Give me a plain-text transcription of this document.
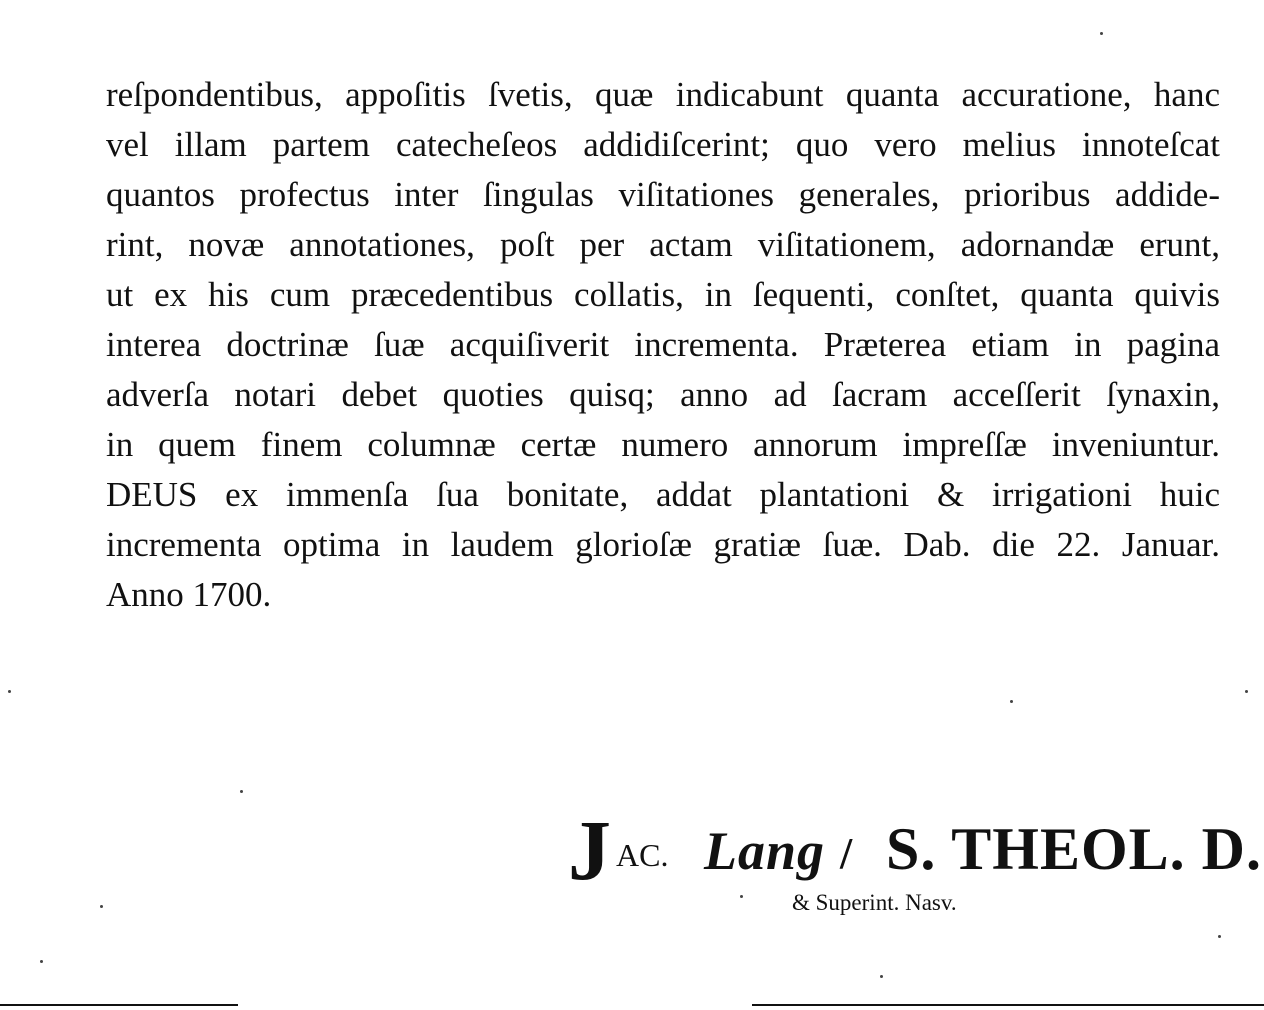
reſpondentibus, appoſitis ſvetis, quæ indicabunt quanta accuratione, hanc
vel illam partem catecheſeos addidiſcerint; quo vero melius innoteſcat
quantos profectus inter ſingulas viſitationes generales, prioribus addide-
rint, novæ annotationes, poſt per actam viſitationem, adornandæ erunt,
ut ex his cum præcedentibus collatis, in ſequenti, conſtet, quanta quivis
interea doctrinæ ſuæ acquiſiverit incrementa. Præterea etiam in pagina
adverſa notari debet quoties quisq; anno ad ſacram acceſſerit ſynaxin,
in quem finem columnæ certæ numero annorum impreſſæ inveniuntur.
DEUS ex immenſa ſua bonitate, addat plantationi & irrigationi huic
incrementa optima in laudem glorioſæ gratiæ ſuæ. Dab. die 22. Januar.
Anno 1700.
J AC. Lang / S. THEOL. D.
& Superint. Nasv.
